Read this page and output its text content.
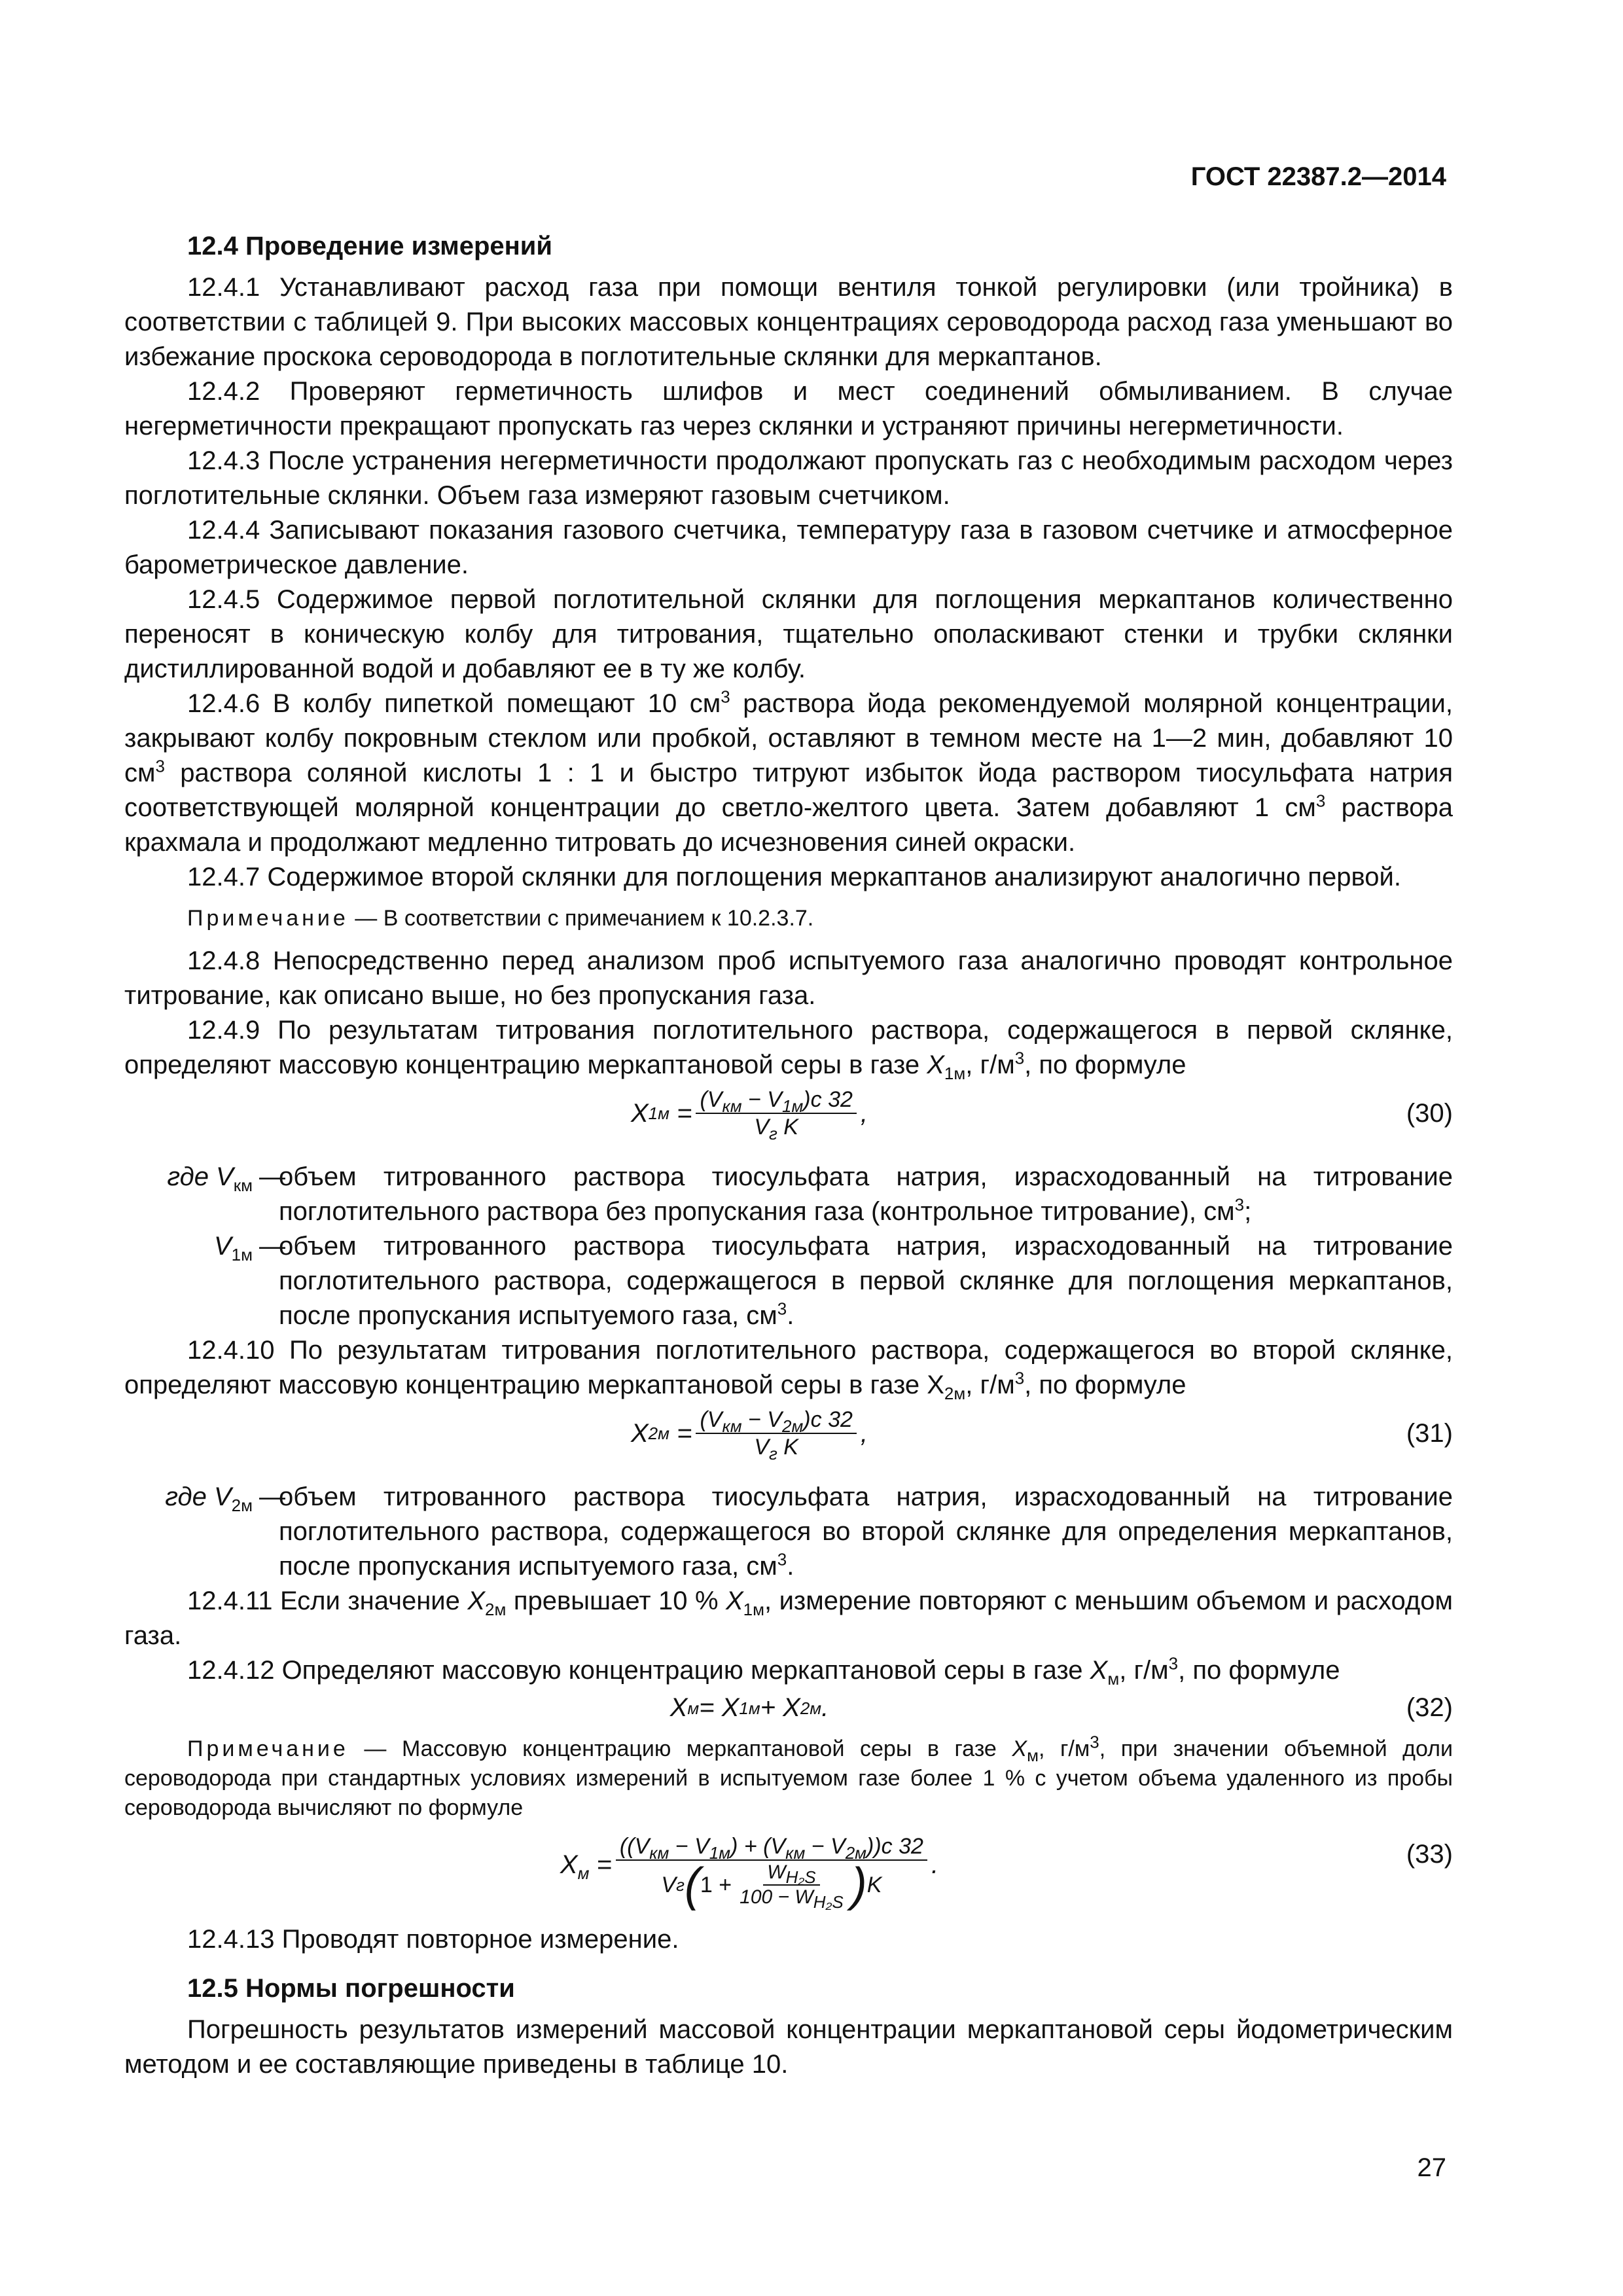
ГОСТ 22387.2—2014
12.4 Проведение измерений

12.4.1 Устанавливают расход газа при помощи вентиля тонкой регулировки (или тройника) в соответствии с таблицей 9. При высоких массовых концентрациях сероводорода расход газа уменьшают во избежание проскока сероводорода в поглотительные склянки для меркаптанов.

12.4.2 Проверяют герметичность шлифов и мест соединений обмыливанием. В случае негерметичности прекращают пропускать газ через склянки и устраняют причины негерметичности.

12.4.3 После устранения негерметичности продолжают пропускать газ с необходимым расходом через поглотительные склянки. Объем газа измеряют газовым счетчиком.

12.4.4 Записывают показания газового счетчика, температуру газа в газовом счетчике и атмосферное барометрическое давление.

12.4.5 Содержимое первой поглотительной склянки для поглощения меркаптанов количественно переносят в коническую колбу для титрования, тщательно ополаскивают стенки и трубки склянки дистиллированной водой и добавляют ее в ту же колбу.

12.4.6 В колбу пипеткой помещают 10 $см^3$ раствора йода рекомендуемой молярной концентрации, закрывают колбу покровным стеклом или пробкой, оставляют в темном месте на 1—2 мин, добавляют 10 $см^3$ раствора соляной кислоты 1 : 1 и быстро титруют избыток йода раствором тиосульфата натрия соответствующей молярной концентрации до светло-желтого цвета. Затем добавляют 1 $см^3$ раствора крахмала и продолжают медленно титровать до исчезновения синей окраски.

12.4.7 Содержимое второй склянки для поглощения меркаптанов анализируют аналогично первой.

Примечание — В соответствии с примечанием к 10.2.3.7.

12.4.8 Непосредственно перед анализом проб испытуемого газа аналогично проводят контрольное титрование, как описано выше, но без пропускания газа.

12.4.9 По результатам титрования поглотительного раствора, содержащегося в первой склянке, определяют массовую концентрацию меркаптановой серы в газе $X_{1м}$, $г/м^3$, по формуле

X $1м = \frac{(V_{км} - V_{1м})c 32}{V_г K}$ ,	(30)
где $V_{км}$ —
объем титрованного раствора тиосульфата натрия, израсходованный на титрование поглотительного раствора без пропускания газа (контрольное титрование), $см^3$;
$V_{1м}$ —
объем титрованного раствора тиосульфата натрия, израсходованный на титрование поглотительного раствора, содержащегося в первой склянке для поглощения меркаптанов, после пропускания испытуемого газа, $см^3$.

12.4.10 По результатам титрования поглотительного раствора, содержащегося во второй склянке, определяют массовую концентрацию меркаптановой серы в газе $Х_{2м}$, $г/м^3$, по формуле

X $2м = \frac{(V_{км} - V_{2м})c 32}{V_г K}$ ,	(31)
где $V_{2м}$ —
объем титрованного раствора тиосульфата натрия, израсходованный на титрование поглотительного раствора, содержащегося во второй склянке для определения меркаптанов, после пропускания испытуемого газа, $см^3$.

12.4.11 Если значение $X_{2м}$ превышает 10 % $X_{1м}$, измерение повторяют с меньшим объемом и расходом газа.

12.4.12 Определяют массовую концентрацию меркаптановой серы в газе $X_м$, $г/м^3$, по формуле

X м = X 1м + X 2м .	(32)

Примечание — Массовую концентрацию меркаптановой серы в газе $X_м$, $г/м^3$, при значении объемной доли сероводорода при стандартных условиях измерений в испытуемом газе более 1 % с учетом объема удаленного из пробы сероводорода вычисляют по формуле

$X_м$ =
$((V_{км} - V_{1м}) + (V_{км} - V_{2м}))c$ 32
V г ( $1 + \frac{W_{H_2S}}{100 - W_{H_2S}}$ ) K
.	(33)

12.4.13 Проводят повторное измерение.

12.5 Нормы погрешности

Погрешность результатов измерений массовой концентрации меркаптановой серы йодометрическим методом и ее составляющие приведены в таблице 10.

27
